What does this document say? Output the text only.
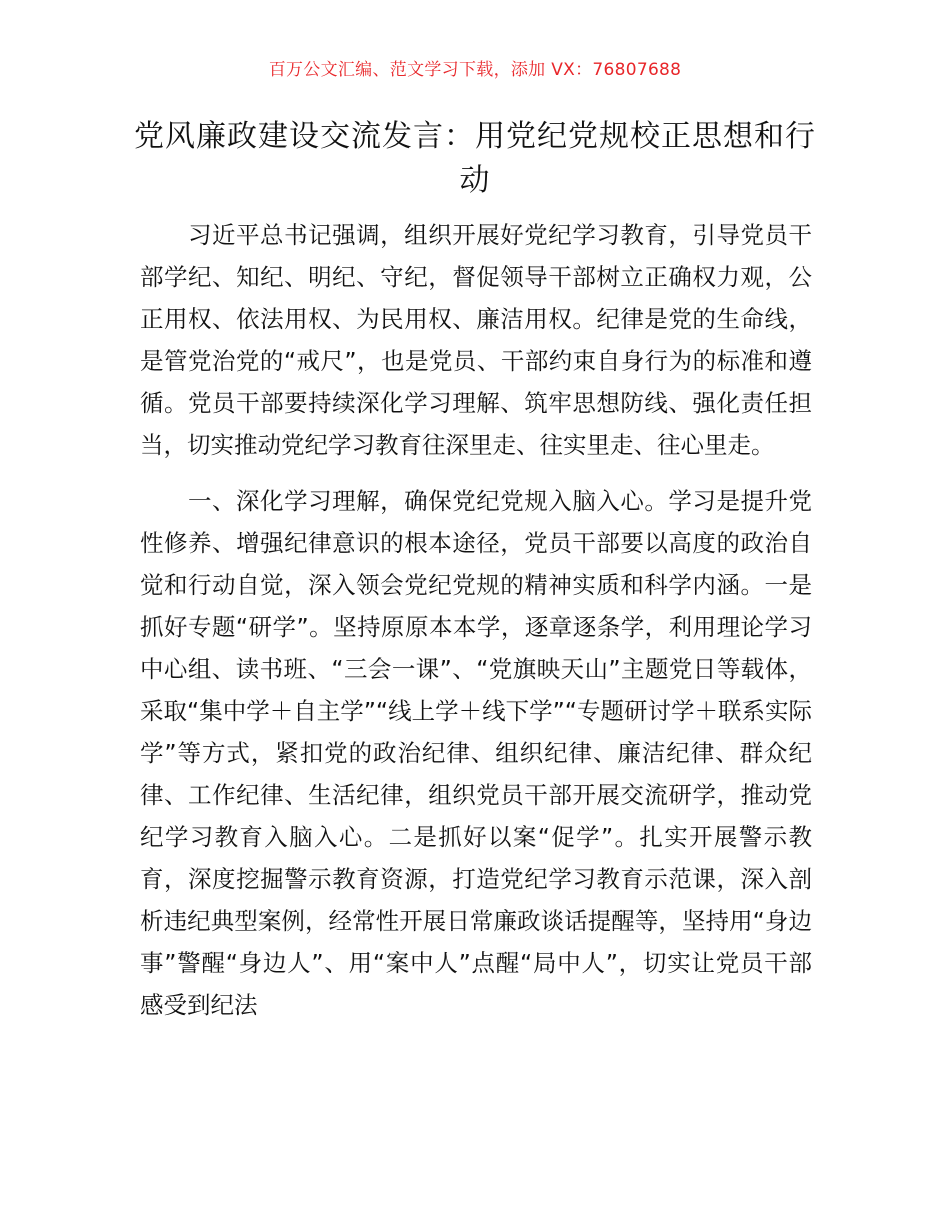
百万公文汇编、范文学习下载，添加 VX：76807688
党风廉政建设交流发言：用党纪党规校正思想和行动

习近平总书记强调，组织开展好党纪学习教育，引导党员干部学纪、知纪、明纪、守纪，督促领导干部树立正确权力观，公正用权、依法用权、为民用权、廉洁用权。纪律是党的生命线，是管党治党的“戒尺”，也是党员、干部约束自身行为的标准和遵循。党员干部要持续深化学习理解、筑牢思想防线、强化责任担当，切实推动党纪学习教育往深里走、往实里走、往心里走。

一、深化学习理解，确保党纪党规入脑入心。学习是提升党性修养、增强纪律意识的根本途径，党员干部要以高度的政治自觉和行动自觉，深入领会党纪党规的精神实质和科学内涵。一是抓好专题“研学”。坚持原原本本学，逐章逐条学，利用理论学习中心组、读书班、“三会一课”、“党旗映天山”主题党日等载体，采取“集中学＋自主学”“线上学＋线下学”“专题研讨学＋联系实际学”等方式，紧扣党的政治纪律、组织纪律、廉洁纪律、群众纪律、工作纪律、生活纪律，组织党员干部开展交流研学，推动党纪学习教育入脑入心。二是抓好以案“促学”。扎实开展警示教育，深度挖掘警示教育资源，打造党纪学习教育示范课，深入剖析违纪典型案例，经常性开展日常廉政谈话提醒等，坚持用“身边事”警醒“身边人”、用“案中人”点醒“局中人”，切实让党员干部感受到纪法
